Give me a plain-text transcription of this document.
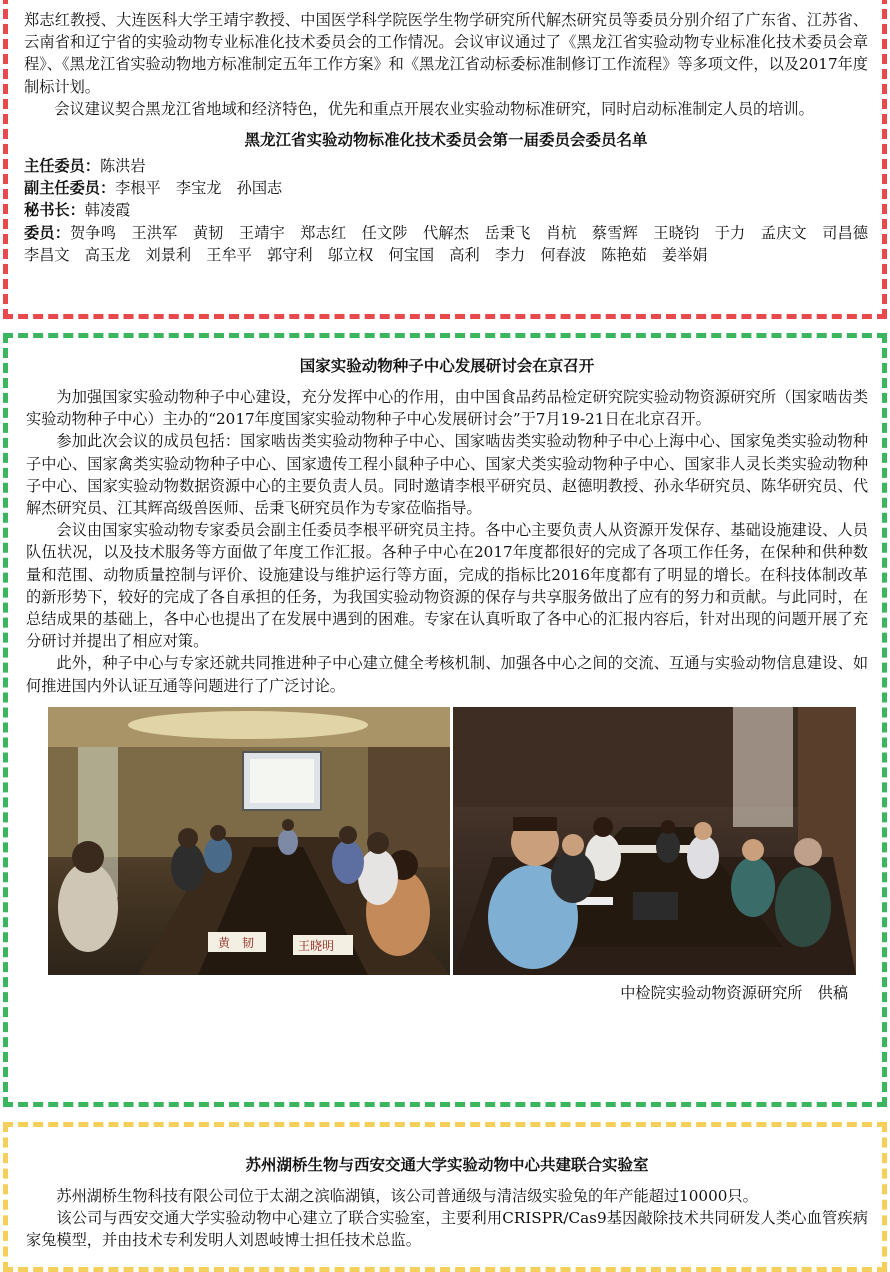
郑志红教授、大连医科大学王靖宇教授、中国医学科学院医学生物学研究所代解杰研究员等委员分别介绍了广东省、江苏省、云南省和辽宁省的实验动物专业标准化技术委员会的工作情况。会议审议通过了《黑龙江省实验动物专业标准化技术委员会章程》、《黑龙江省实验动物地方标准制定五年工作方案》和《黑龙江省动标委标准制修订工作流程》等多项文件，以及2017年度制标计划。

会议建议契合黑龙江省地域和经济特色，优先和重点开展农业实验动物标准研究，同时启动标准制定人员的培训。

黑龙江省实验动物标准化技术委员会第一届委员会委员名单

主任委员：陈洪岩

副主任委员：李根平　李宝龙　孙国志

秘书长：韩凌霞

委员：贺争鸣　王洪军　黄韧　王靖宇　郑志红　任文陟　代解杰　岳秉飞　肖杭　蔡雪辉　王晓钧　于力　孟庆文　司昌德　李昌文　高玉龙　刘景利　王牟平　郭守利　邬立权　何宝国　高利　李力　何春波　陈艳茹　姜举娟

国家实验动物种子中心发展研讨会在京召开

为加强国家实验动物种子中心建设，充分发挥中心的作用，由中国食品药品检定研究院实验动物资源研究所（国家啮齿类实验动物种子中心）主办的“2017年度国家实验动物种子中心发展研讨会”于7月19-21日在北京召开。

参加此次会议的成员包括：国家啮齿类实验动物种子中心、国家啮齿类实验动物种子中心上海中心、国家兔类实验动物种子中心、国家禽类实验动物种子中心、国家遗传工程小鼠种子中心、国家犬类实验动物种子中心、国家非人灵长类实验动物种子中心、国家实验动物数据资源中心的主要负责人员。同时邀请李根平研究员、赵德明教授、孙永华研究员、陈华研究员、代解杰研究员、江其辉高级兽医师、岳秉飞研究员作为专家莅临指导。

会议由国家实验动物专家委员会副主任委员李根平研究员主持。各中心主要负责人从资源开发保存、基础设施建设、人员队伍状况，以及技术服务等方面做了年度工作汇报。各种子中心在2017年度都很好的完成了各项工作任务，在保种和供种数量和范围、动物质量控制与评价、设施建设与维护运行等方面，完成的指标比2016年度都有了明显的增长。在科技体制改革的新形势下，较好的完成了各自承担的任务，为我国实验动物资源的保存与共享服务做出了应有的努力和贡献。与此同时，在总结成果的基础上，各中心也提出了在发展中遇到的困难。专家在认真听取了各中心的汇报内容后，针对出现的问题开展了充分研讨并提出了相应对策。

此外，种子中心与专家还就共同推进种子中心建立健全考核机制、加强各中心之间的交流、互通与实验动物信息建设、如何推进国内外认证互通等问题进行了广泛讨论。

黄　韧	王晓明
中检院实验动物资源研究所　供稿
苏州湖桥生物与西安交通大学实验动物中心共建联合实验室

苏州湖桥生物科技有限公司位于太湖之滨临湖镇，该公司普通级与清洁级实验兔的年产能超过10000只。

该公司与西安交通大学实验动物中心建立了联合实验室，主要利用CRISPR/Cas9基因敲除技术共同研发人类心血管疾病家兔模型，并由技术专利发明人刘恩岐博士担任技术总监。
